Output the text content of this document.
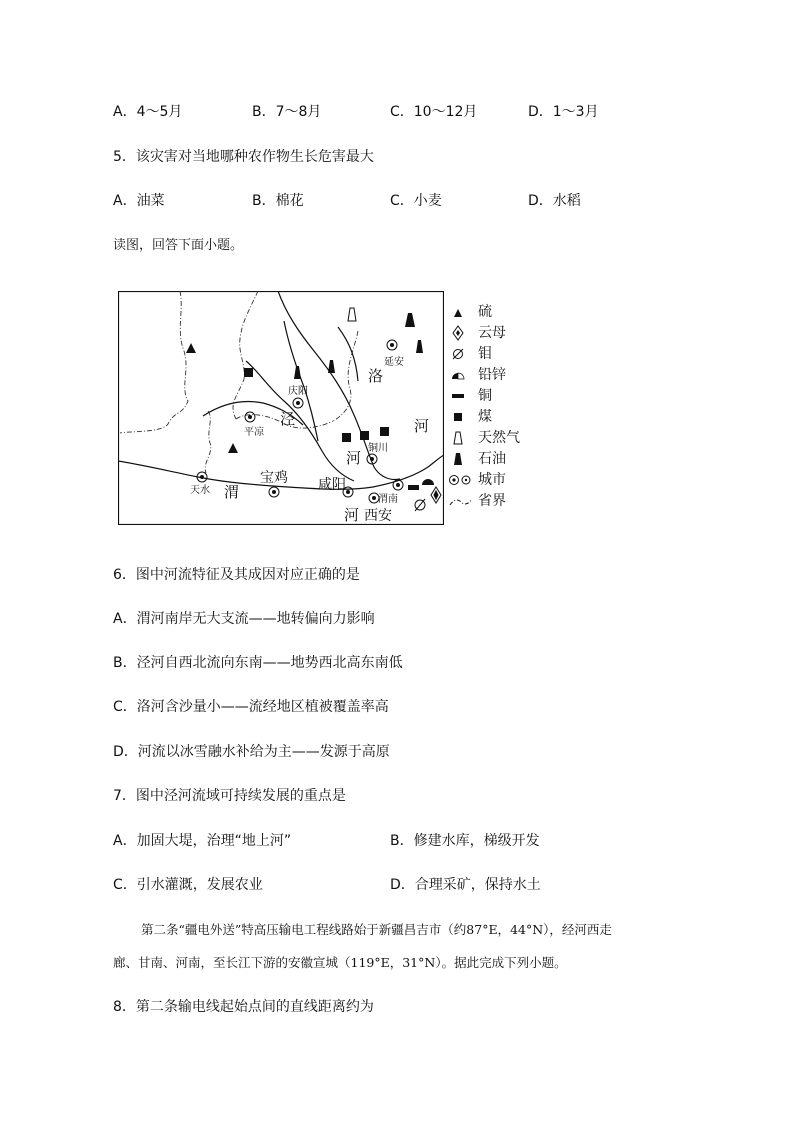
A．4～5月	B．7～8月	C．10～12月	D．1～3月
5．该灾害对当地哪种农作物生长危害最大
A．油菜	B．棉花	C．小麦	D．水稻
读图，回答下面小题。
延安
庆阳
平凉
铜川
天水
渭南
宝鸡 咸阳
西安
洛
河
泾
河
渭
河
硫
云母
钼
铅锌
铜
煤
天然气
石油
城市
省界
6．图中河流特征及其成因对应正确的是
A．渭河南岸无大支流——地转偏向力影响
B．泾河自西北流向东南——地势西北高东南低
C．洛河含沙量小——流经地区植被覆盖率高
D．河流以冰雪融水补给为主——发源于高原
7．图中泾河流域可持续发展的重点是
A．加固大堤，治理“地上河”	B．修建水库，梯级开发
C．引水灌溉，发展农业	D．合理采矿，保持水土
第二条“疆电外送”特高压输电工程线路始于新疆昌吉市（约87°E，44°N），经河西走
廊、甘南、河南，至长江下游的安徽宣城（119°E，31°N）。据此完成下列小题。
8．第二条输电线起始点间的直线距离约为
